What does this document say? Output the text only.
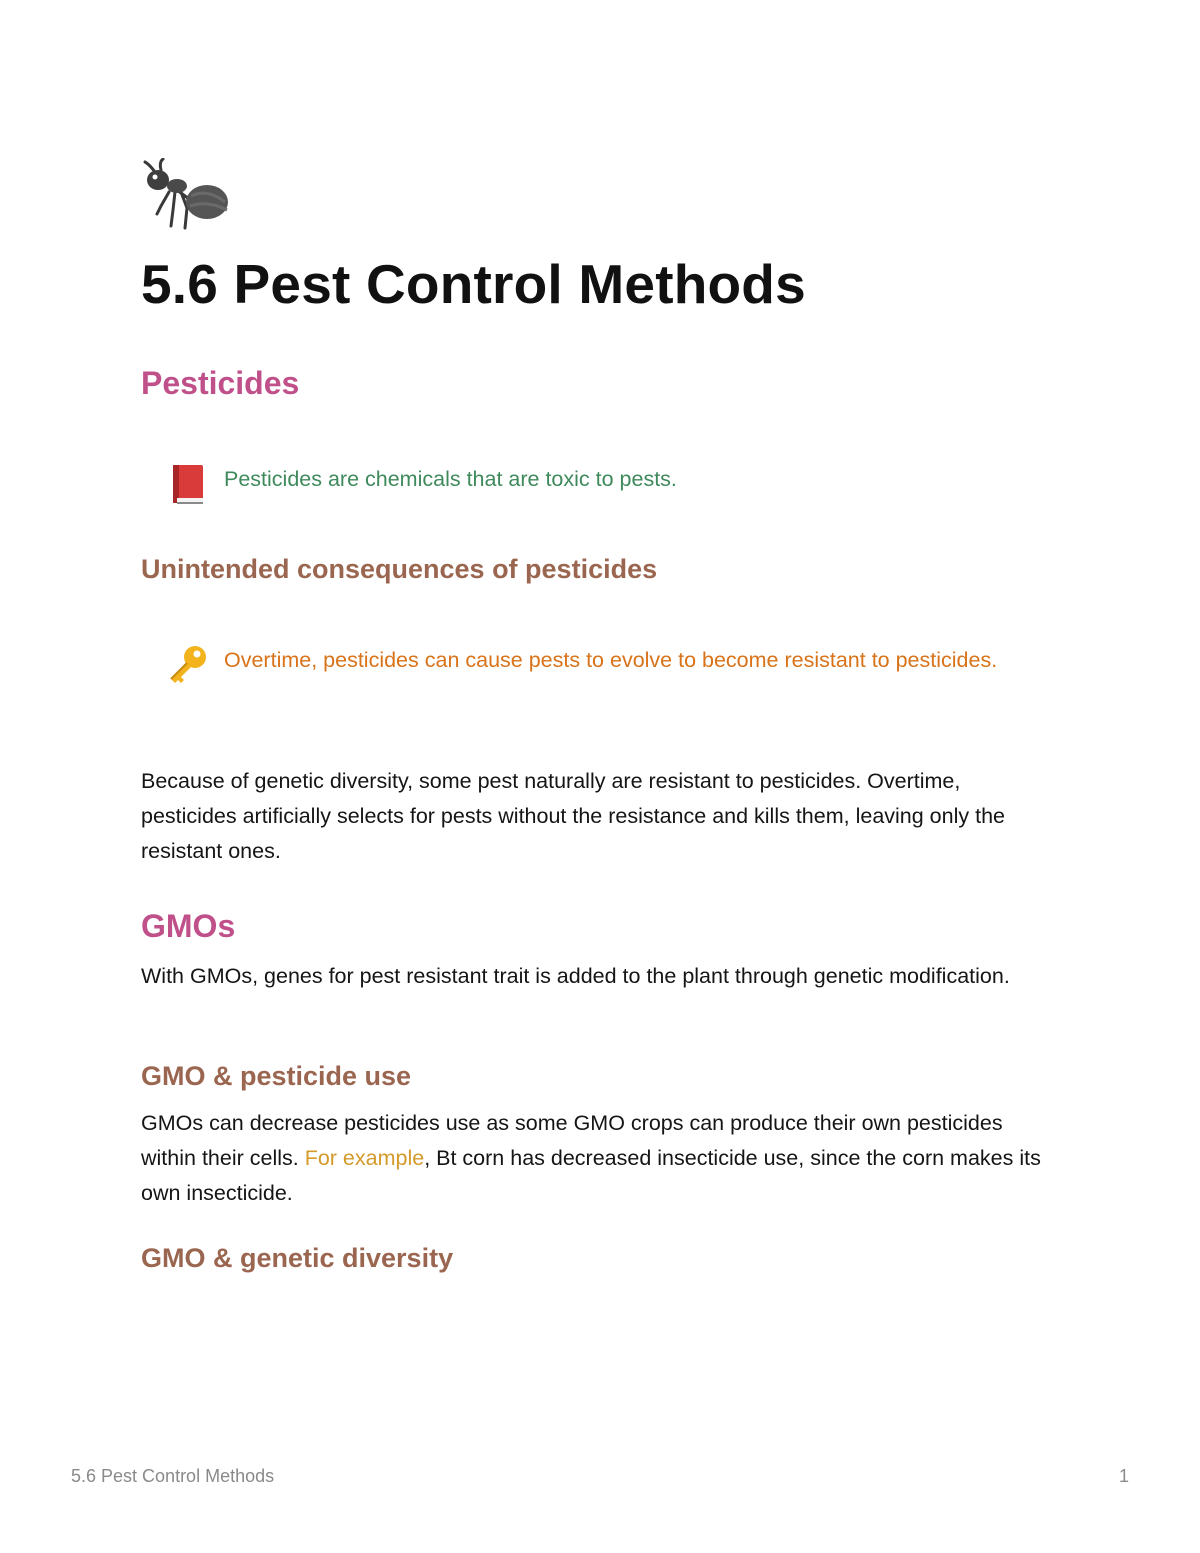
5.6 Pest Control Methods
Pesticides

Pesticides are chemicals that are toxic to pests.

Unintended consequences of pesticides

Overtime, pesticides can cause pests to evolve to become resistant to pesticides.

Because of genetic diversity, some pest naturally are resistant to pesticides. Overtime, pesticides artificially selects for pests without the resistance and kills them, leaving only the resistant ones.

GMOs

With GMOs, genes for pest resistant trait is added to the plant through genetic modification.

GMO & pesticide use

GMOs can decrease pesticides use as some GMO crops can produce their own pesticides within their cells. For example, Bt corn has decreased insecticide use, since the corn makes its own insecticide.

GMO & genetic diversity
5.6 Pest Control Methods	1
